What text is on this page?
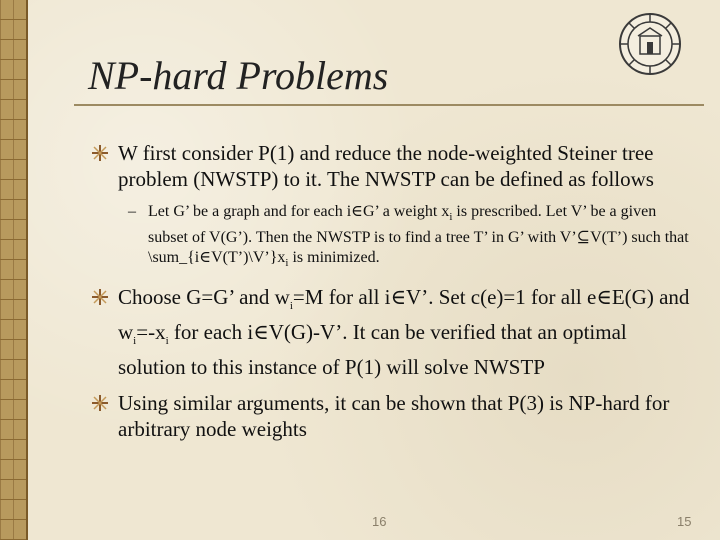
NP-hard Problems
W first consider P(1) and reduce the node-weighted Steiner tree problem (NWSTP) to it. The NWSTP can be defined as follows
– Let G’ be a graph and for each i∈G’ a weight $x_i$ is prescribed. Let V’ be a given subset of V(G’). Then the NWSTP is to find a tree T’ in G’ with V’⊆V(T’) such that $\backslash sum\_\{i\in V(T’)\backslash V’\}x_i$ is minimized.
Choose G=G’ and $w_i=M$ for all i∈V’. Set c(e)=1 for all e∈E(G) and $w_i=-x_i$ for each i∈V(G)-V’. It can be verified that an optimal solution to this instance of P(1) will solve NWSTP
Using similar arguments, it can be shown that P(3) is NP-hard for arbitrary node weights
16	15
